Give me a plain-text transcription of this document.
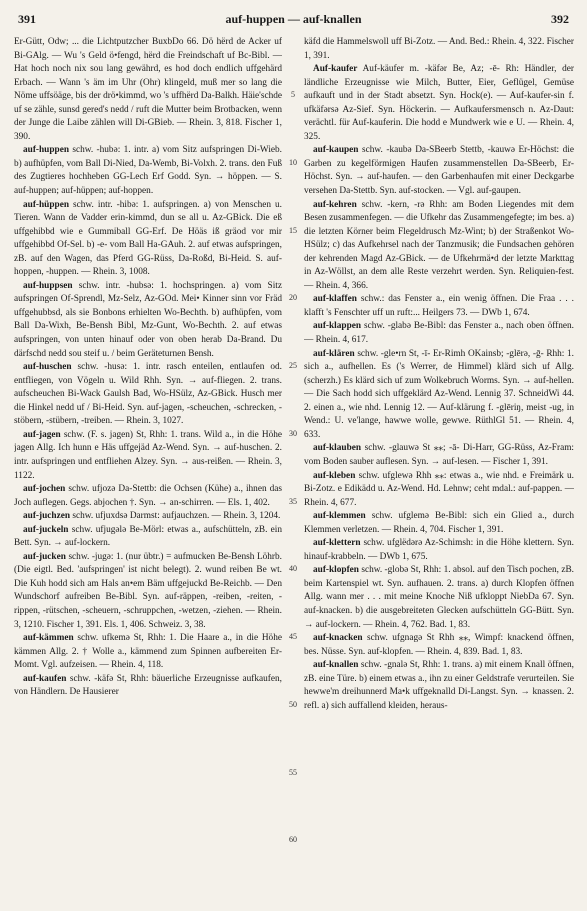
391	auf-huppen — auf-knallen	392

Er-Gütt, Odw; ... die Lichtputzcher BuxbDo 66. Dö hërd de Acker uf Bi-GAlg. — Wu 's Geld ö•fengd, hërd die Freindschaft uf Bc-Bibl. — Hat hoch noch nix sou lang gewährd, es hod doch endlich uffgehärd Erbach. — Wann 's äm im Uhr (Ohr) klingeld, muß mer so lang die Nöme uffsöäge, bis der drö•kimmd, wo 's uffhërd Da-Balkh. Häie'schde uf se zähle, sunsd gered's nedd / ruft die Mutter beim Brotbacken, wenn der Junge die Laibe zählen will Di-GBieb. — Rhein. 3, 818. Fischer 1, 390.

auf-huppen schw. -hubə: 1. intr. a) vom Sitz aufspringen Di-Wieb. b) aufhüpfen, vom Ball Di-Nied, Da-Wemb, Bi-Volxh. 2. trans. den Fuß des Zugtieres hochheben GG-Lech Erf Godd. Syn. → höppen. — S. auf-huppen; auf-hüppen; auf-hoppen.

auf-hüppen schw. intr. -hibə: 1. aufspringen. a) von Menschen u. Tieren. Wann de Vadder erin-kimmd, dun se all u. Az-GBick. Die eß uffgehibbd wie e Gummiball GG-Erf. De Höäs iß gräod vor mir uffgehibbd Of-Sel. b) -e- vom Ball Ha-GAuh. 2. auf etwas aufspringen, zB. auf den Wagen, das Pferd GG-Rüss, Da-Roßd, Bi-Heid. S. auf-hoppen, -huppen. — Rhein. 3, 1008.

auf-huppsen schw. intr. -hubsə: 1. hochspringen. a) vom Sitz aufspringen Of-Sprendl, Mz-Selz, Az-GOd. Mei• Kinner sinn vor Fräd uffgehubbsd, als sie Bonbons erhielten Wo-Bechth. b) aufhüpfen, vom Ball Da-Wixh, Be-Bensh Bibl, Mz-Gunt, Wo-Bechth. 2. auf etwas aufspringen, von unten hinauf oder von oben herab Da-Brand. Du därfschd nedd sou steif u. / beim Geräteturnen Bensh.

auf-huschen schw. -husə: 1. intr. rasch enteilen, entlaufen od. entfliegen, von Vögeln u. Wild Rhh. Syn. → auf-fliegen. 2. trans. aufscheuchen Bi-Wack Gaulsh Bad, Wo-HSülz, Az-GBick. Husch mer die Hinkel nedd uf / Bi-Heid. Syn. auf-jagen, -scheuchen, -schrecken, -stöbern, -stübern, -treiben. — Rhein. 3, 1027.

auf-jagen schw. (F. s. jagen) St, Rhh: 1. trans. Wild a., in die Höhe jagen Allg. Ich hunn e Häs uffgejäd Az-Wend. Syn. → auf-huschen. 2. intr. aufspringen und entfliehen Alzey. Syn. → aus-reißen. — Rhein. 3, 1122.

auf-jochen schw. ufjozə Da-Stettb: die Ochsen (Kühe) a., ihnen das Joch auflegen. Gegs. abjochen †. Syn. → an-schirren. — Els. 1, 402.

auf-juchzen schw. ufjuxdsə Darmst: aufjauchzen. — Rhein. 3, 1204.

auf-juckeln schw. ufjugələ Be-Mörl: etwas a., aufschütteln, zB. ein Bett. Syn. → auf-lockern.

auf-jucken schw. -jugə: 1. (nur übtr.) = aufmucken Be-Bensh Löhrb. (Die eigtl. Bed. 'aufspringen' ist nicht belegt). 2. wund reiben Be wt. Die Kuh hodd sich am Hals an•em Bäm uffgejuckd Be-Reichb. — Den Wundschorf aufreiben Be-Bibl. Syn. auf-räppen, -reiben, -reiten, -rippen, -rütschen, -scheuern, -schruppchen, -wetzen, -ziehen. — Rhein. 3, 1210. Fischer 1, 391. Els. 1, 406. Schweiz. 3, 38.

auf-kämmen schw. ufkemə St, Rhh: 1. Die Haare a., in die Höhe kämmen Allg. 2. † Wolle a., kämmend zum Spinnen aufbereiten Er-Momt. Vgl. aufzeisen. — Rhein. 4, 118.

auf-kaufen schw. -käfə St, Rhh: bäuerliche Erzeugnisse aufkaufen, von Händlern. De Hausierer

5
10
15
20
25
30
35
40
45
50
55
60

käfd die Hammelswoll uff Bi-Zotz. — And. Bed.: Rhein. 4, 322. Fischer 1, 391.

Auf-kaufer Auf-käufer m. -käfər Be, Az; -ē- Rh: Händler, der ländliche Erzeugnisse wie Milch, Butter, Eier, Geflügel, Gemüse aufkauft und in der Stadt absetzt. Syn. Hock(e). — Auf-kaufer-sin f. ufkäfərsə Az-Sief. Syn. Höckerin. — Aufkaufersmensch n. Az-Daut: verächtl. für Auf-kauferin. Die hodd e Mundwerk wie e U. — Rhein. 4, 325.

auf-kaupen schw. -kaubə Da-SBeerb Stettb, -kauwə Er-Höchst: die Garben zu kegelförmigen Haufen zusammenstellen Da-SBeerb, Er-Höchst. Syn. → auf-haufen. — den Garbenhaufen mit einer Deckgarbe versehen Da-Stettb. Syn. auf-stocken. — Vgl. auf-gaupen.

auf-kehren schw. -kern, -rə Rhh: am Boden Liegendes mit dem Besen zusammenfegen. — die Ufkehr das Zusammengefegte; im bes. a) die letzten Körner beim Flegeldrusch Mz-Wint; b) der Straßenkot Wo-HSülz; c) das Aufkehrsel nach der Tanzmusik; die Fundsachen gehören der kehrenden Magd Az-GBick. — de Ufkehrmä•d der letzte Markttag in Az-Wöllst, an dem alle Reste verzehrt werden. Syn. Reliquien-fest. — Rhein. 4, 366.

auf-klaffen schw.: das Fenster a., ein wenig öffnen. Die Fraa . . . klafft 's Fenschter uff un ruft:... Heilgers 73. — DWb 1, 674.

auf-klappen schw. -glabə Be-Bibl: das Fenster a., nach oben öffnen. — Rhein. 4, 617.

auf-klären schw. -gle•rn St, -ī- Er-Rimh OKainsb; -glērə, -ḡ- Rhh: 1. sich a., aufhellen. Es ('s Werrer, de Himmel) klärd sich uf Allg. (scherzh.) Es klärd sich uf zum Wolkebruch Worms. Syn. → auf-hellen. — Die Sach hodd sich uffgeklärd Az-Wend. Lennig 37. SchneidWi 44. 2. einen a., wie nhd. Lennig 12. — Auf-klärung f. -glēriŋ, meist -ug, in Wend.: U. ve'lange, hawwe wolle, gewwe. RüthlGl 51. — Rhein. 4, 633.

auf-klauben schw. -glauwə St ⁎⁎; -ā- Di-Harr, GG-Rüss, Az-Fram: vom Boden sauber auflesen. Syn. → auf-lesen. — Fischer 1, 391.

auf-kleben schw. ufglewə Rhh ⁎⁎: etwas a., wie nhd. e Freimärk u. Bi-Zotz. e Edikädd u. Az-Wend. Hd. Lehnw; ceht mdal.: auf-pappen. — Rhein. 4, 677.

auf-klemmen schw. ufglemə Be-Bibl: sich ein Glied a., durch Klemmen verletzen. — Rhein. 4, 704. Fischer 1, 391.

auf-klettern schw. ufglëdərə Az-Schimsh: in die Höhe klettern. Syn. hinauf-krabbeln. — DWb 1, 675.

auf-klopfen schw. -globə St, Rhh: 1. absol. auf den Tisch pochen, zB. beim Kartenspiel wt. Syn. aufhauen. 2. trans. a) durch Klopfen öffnen Allg. wann mer . . . mit meine Knoche Niß ufkloppt NiebDa 67. Syn. auf-knacken. b) die ausgebreiteten Glecken aufschütteln GG-Bütt. Syn. → auf-lockern. — Rhein. 4, 762. Bad. 1, 83.

auf-knacken schw. ufgnagə St Rhh ⁎⁎, Wimpf: knackend öffnen, bes. Nüsse. Syn. auf-klopfen. — Rhein. 4, 839. Bad. 1, 83.

auf-knallen schw. -gnalə St, Rhh: 1. trans. a) mit einem Knall öffnen, zB. eine Türe. b) einem etwas a., ihn zu einer Geldstrafe verurteilen. Sie hewwe'm dreihunnerd Ma•k uffgeknalld Di-Langst. Syn. → knassen. 2. refl. a) sich auffallend kleiden, heraus-
